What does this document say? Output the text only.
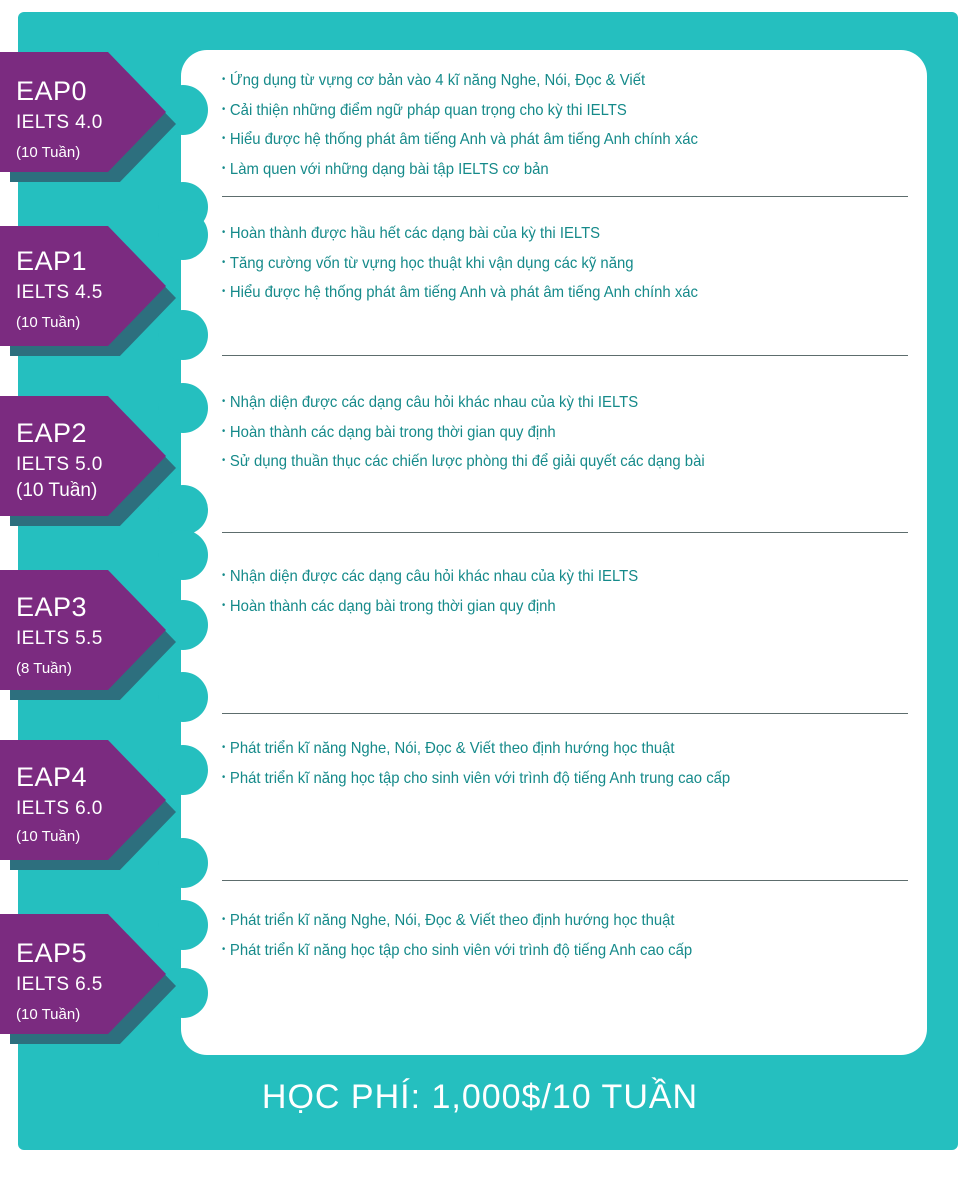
EAP0
IELTS 4.0
(10 Tuần)
EAP1
IELTS 4.5
(10 Tuần)
EAP2
IELTS 5.0
(10 Tuần)
EAP3
IELTS 5.5
(8 Tuần)
EAP4
IELTS 6.0
(10 Tuần)
EAP5
IELTS 6.5
(10 Tuần)
• Ứng dụng từ vựng cơ bản vào 4 kĩ năng Nghe, Nói, Đọc & Viết
• Cải thiện những điểm ngữ pháp quan trọng cho kỳ thi IELTS
• Hiểu được hệ thống phát âm tiếng Anh và phát âm tiếng Anh chính xác
• Làm quen với những dạng bài tập IELTS cơ bản
• Hoàn thành được hầu hết các dạng bài của kỳ thi IELTS
• Tăng cường vốn từ vựng học thuật khi vận dụng các kỹ năng
• Hiểu được hệ thống phát âm tiếng Anh và phát âm tiếng Anh chính xác
• Nhận diện được các dạng câu hỏi khác nhau của kỳ thi IELTS
• Hoàn thành các dạng bài trong thời gian quy định
• Sử dụng thuần thục các chiến lược phòng thi để giải quyết các dạng bài
• Nhận diện được các dạng câu hỏi khác nhau của kỳ thi IELTS
• Hoàn thành các dạng bài trong thời gian quy định
• Phát triển kĩ năng Nghe, Nói, Đọc & Viết theo định hướng học thuật
• Phát triển kĩ năng học tập cho sinh viên với trình độ tiếng Anh trung cao cấp
• Phát triển kĩ năng Nghe, Nói, Đọc & Viết theo định hướng học thuật
• Phát triển kĩ năng học tập cho sinh viên với trình độ tiếng Anh cao cấp
HỌC PHÍ: 1,000$/10 TUẦN
